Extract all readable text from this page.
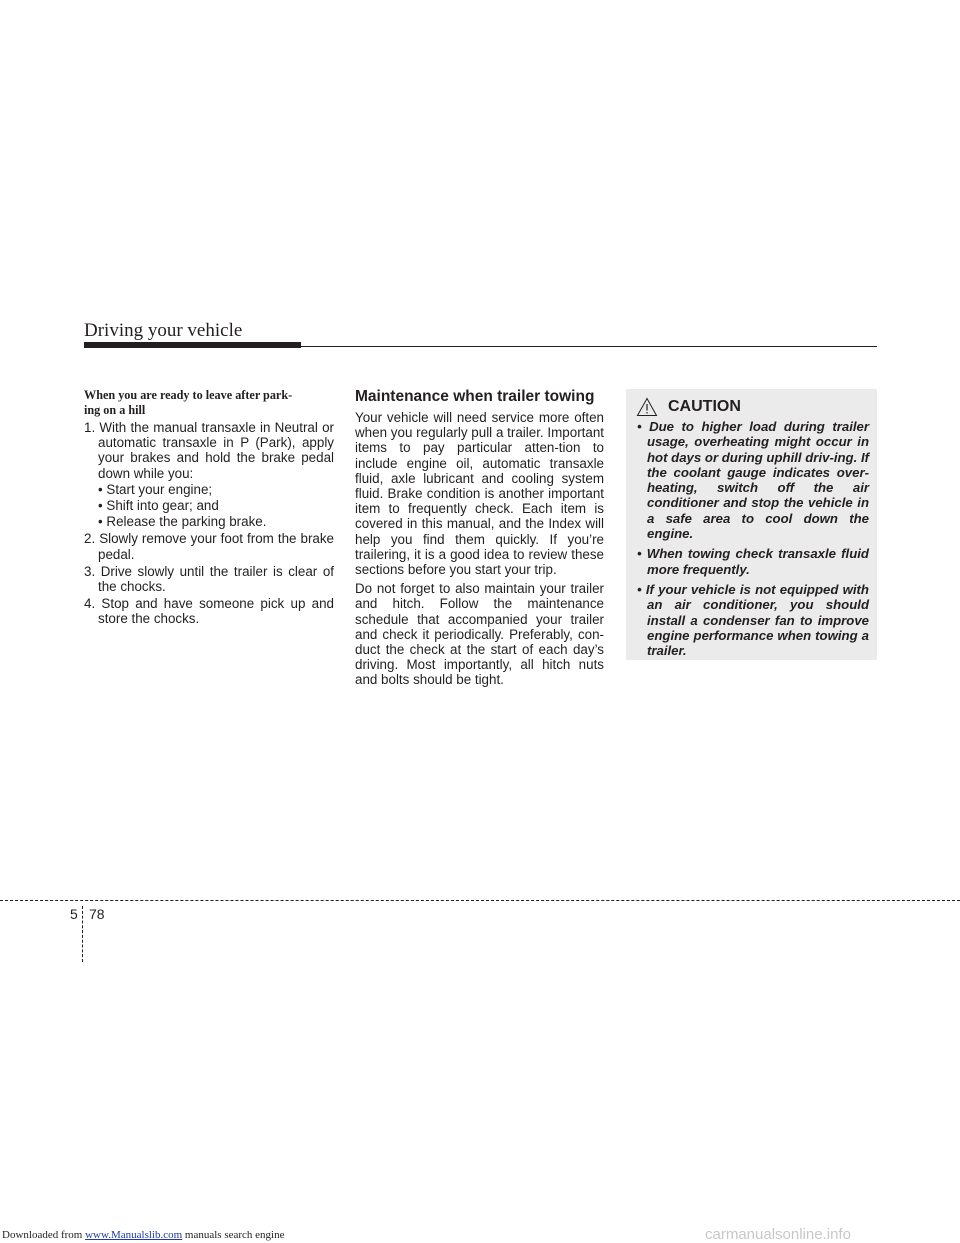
Driving your vehicle
When you are ready to leave after park-
ing on a hill

1. With the manual transaxle in Neutral or automatic transaxle in P (Park), apply your brakes and hold the brake pedal down while you:

• Start your engine;
• Shift into gear; and
• Release the parking brake.

2. Slowly remove your foot from the brake pedal.

3. Drive slowly until the trailer is clear of the chocks.

4. Stop and have someone pick up and store the chocks.

Maintenance when trailer towing

Your vehicle will need service more often when you regularly pull a trailer. Important items to pay particular atten-tion to include engine oil, automatic transaxle fluid, axle lubricant and cooling system fluid. Brake condition is another important item to frequently check. Each item is covered in this manual, and the Index will help you find them quickly. If you’re trailering, it is a good idea to review these sections before you start your trip.

Do not forget to also maintain your trailer and hitch. Follow the maintenance schedule that accompanied your trailer and check it periodically. Preferably, con-duct the check at the start of each day’s driving. Most importantly, all hitch nuts and bolts should be tight.

CAUTION

• Due to higher load during trailer usage, overheating might occur in hot days or during uphill driv-ing. If the coolant gauge indicates over-heating, switch off the air conditioner and stop the vehicle in a safe area to cool down the engine.

• When towing check transaxle fluid more frequently.

• If your vehicle is not equipped with an air conditioner, you should install a condenser fan to improve engine performance when towing a trailer.

5 78
Downloaded from www.Manualslib.com manuals search engine	carmanualsonline.info
